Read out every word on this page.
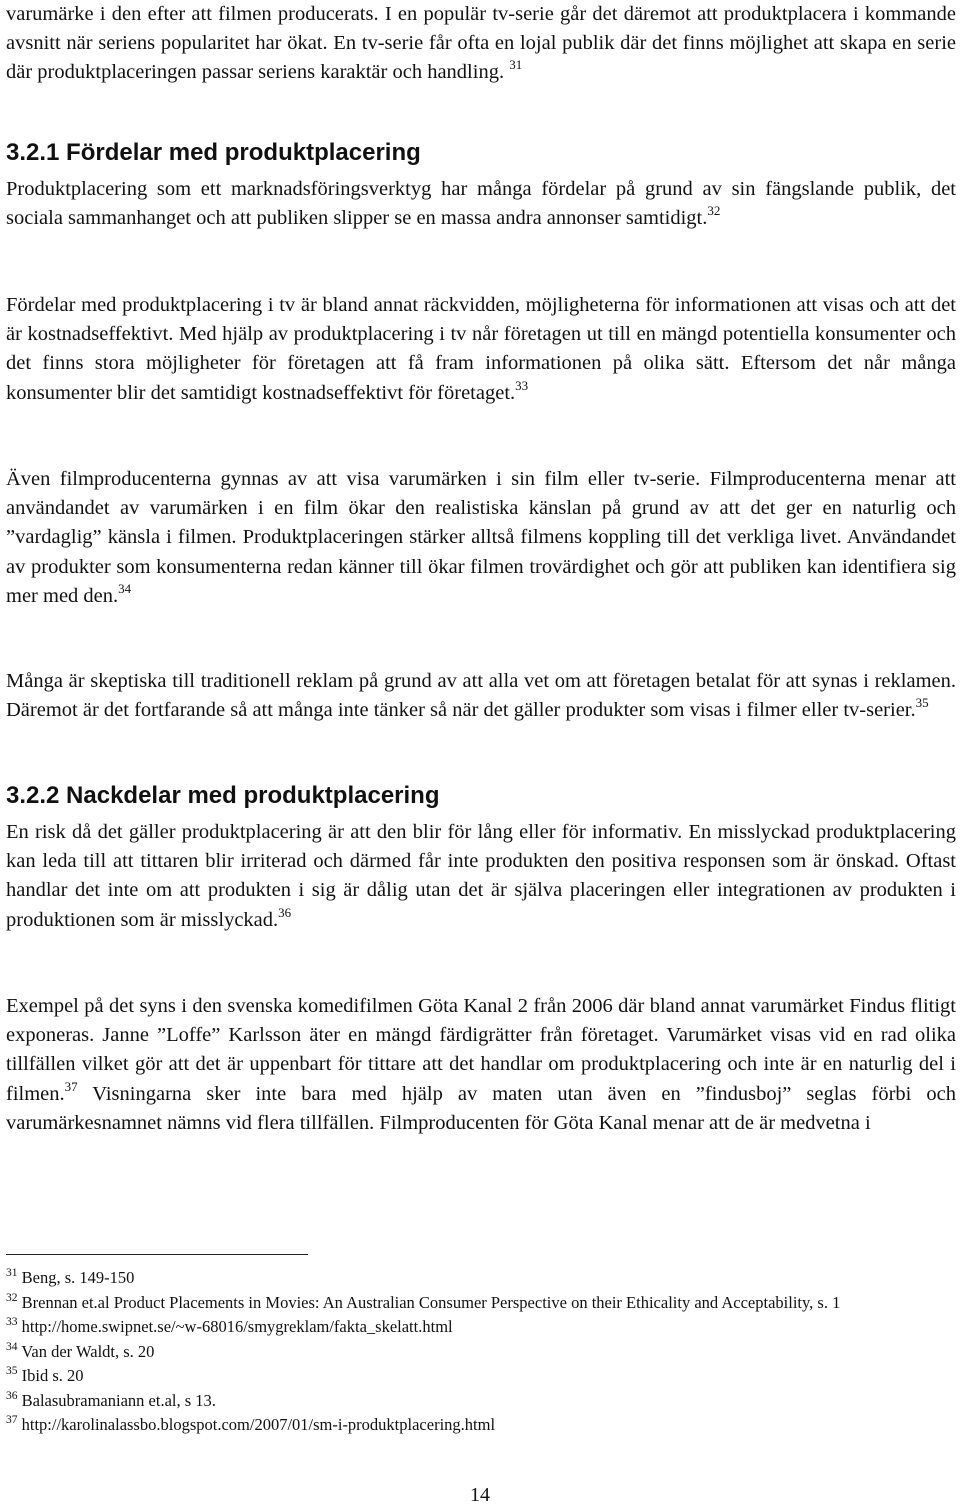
varumärke i den efter att filmen producerats. I en populär tv-serie går det däremot att produktplacera i kommande avsnitt när seriens popularitet har ökat. En tv-serie får ofta en lojal publik där det finns möjlighet att skapa en serie där produktplaceringen passar seriens karaktär och handling. $^{31}$

3.2.1 Fördelar med produktplacering

Produktplacering som ett marknadsföringsverktyg har många fördelar på grund av sin fängslande publik, det sociala sammanhanget och att publiken slipper se en massa andra annonser samtidigt.$^{32}$

Fördelar med produktplacering i tv är bland annat räckvidden, möjligheterna för informationen att visas och att det är kostnadseffektivt. Med hjälp av produktplacering i tv når företagen ut till en mängd potentiella konsumenter och det finns stora möjligheter för företagen att få fram informationen på olika sätt. Eftersom det når många konsumenter blir det samtidigt kostnadseffektivt för företaget.$^{33}$

Även filmproducenterna gynnas av att visa varumärken i sin film eller tv-serie. Filmproducenterna menar att användandet av varumärken i en film ökar den realistiska känslan på grund av att det ger en naturlig och ”vardaglig” känsla i filmen. Produktplaceringen stärker alltså filmens koppling till det verkliga livet. Användandet av produkter som konsumenterna redan känner till ökar filmen trovärdighet och gör att publiken kan identifiera sig mer med den.$^{34}$

Många är skeptiska till traditionell reklam på grund av att alla vet om att företagen betalat för att synas i reklamen. Däremot är det fortfarande så att många inte tänker så när det gäller produkter som visas i filmer eller tv-serier.$^{35}$

3.2.2 Nackdelar med produktplacering

En risk då det gäller produktplacering är att den blir för lång eller för informativ. En misslyckad produktplacering kan leda till att tittaren blir irriterad och därmed får inte produkten den positiva responsen som är önskad. Oftast handlar det inte om att produkten i sig är dålig utan det är själva placeringen eller integrationen av produkten i produktionen som är misslyckad.$^{36}$

Exempel på det syns i den svenska komedifilmen Göta Kanal 2 från 2006 där bland annat varumärket Findus flitigt exponeras. Janne ”Loffe” Karlsson äter en mängd färdigrätter från företaget. Varumärket visas vid en rad olika tillfällen vilket gör att det är uppenbart för tittare att det handlar om produktplacering och inte är en naturlig del i filmen.$^{37}$ Visningarna sker inte bara med hjälp av maten utan även en ”findusboj” seglas förbi och varumärkesnamnet nämns vid flera tillfällen. Filmproducenten för Göta Kanal menar att de är medvetna i

$^{31}$ Beng, s. 149-150

$^{32}$ Brennan et.al Product Placements in Movies: An Australian Consumer Perspective on their Ethicality and Acceptability, s. 1

$^{33}$ http://home.swipnet.se/~w-68016/smygreklam/fakta_skelatt.html

$^{34}$ Van der Waldt, s. 20

$^{35}$ Ibid s. 20

$^{36}$ Balasubramaniann et.al, s 13.

$^{37}$ http://karolinalassbo.blogspot.com/2007/01/sm-i-produktplacering.html

14
